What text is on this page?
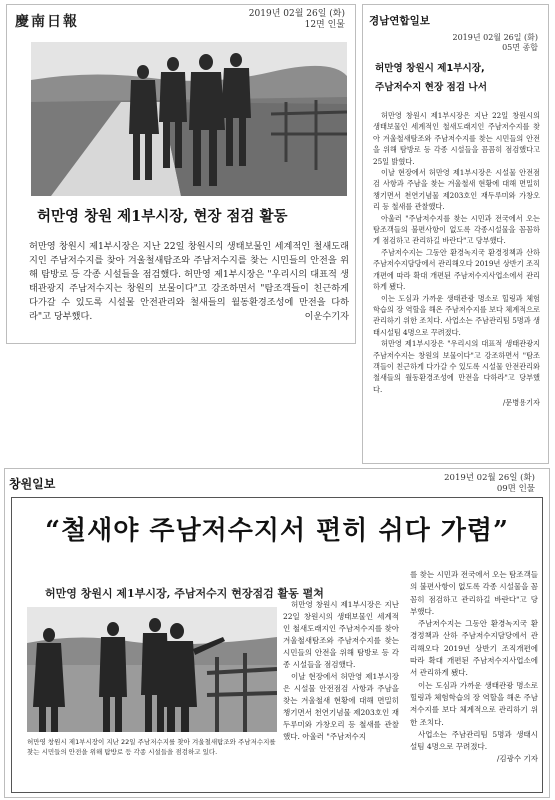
慶南日報	2019년 02월 26일 (화)
12면 인물
허만영 창원 제1부시장, 현장 점검 활동
허만영 창원시 제1부시장은 지난 22일 창원시의 생태보물인 세계적인 철새도래지인 주남저수지를 찾아 겨울철새탐조와 주남저수지를 찾는 시민들의 안전을 위해 탐방로 등 각종 시설들을 점검했다. 허만영 제1부시장은 "우리시의 대표적 생태관광지 주남저수지는 창원의 보물이다"고 강조하면서 "탐조객들이 친근하게 다가갈 수 있도록 시설물 안전관리와 철새들의 월동환경조성에 만전을 다하라"고 당부했다.	이운수기자
경남연합일보
2019년 02월 26일 (화)
05면 종합
허만영 창원시 제1부시장,
주남저수지 현장 점검 나서

허만영 창원시 제1부시장은 지난 22일 창원시의 생태보물인 세계적인 철새도래지인 주남저수지를 찾아 겨울철새탐조와 주남저수지를 찾는 시민들의 안전을 위해 탐방로 등 각종 시설들을 꼼꼼히 점검했다고 25일 밝혔다.

이날 현장에서 허만영 제1부시장은 시설물 안전점검 사항과 주남을 찾는 겨울철새 현황에 대해 면밀히 챙기면서 천연기념물 제203호인 재두루미와 가창오리 등 철새를 관찰했다.

아울러 "주남저수지를 찾는 시민과 전국에서 오는 탐조객들의 불편사항이 없도록 각종시설물을 꼼꼼하게 점검하고 관리하길 바란다"고 당부했다.

주남저수지는 그동안 환경녹지국 환경정책과 산하 주남저수지담당에서 관리해오다 2019년 상반기 조직개편에 따라 확대 개편된 주남저수지사업소에서 관리하게 됐다.

이는 도심과 가까운 생태관광 명소로 힐링과 체험학습의 장 역할을 해온 주남저수지를 보다 체계적으로 관리하기 위한 조치다. 사업소는 주남관리팀 5명과 생태시설팀 4명으로 꾸려졌다.

허만영 제1부시장은 "우리시의 대표적 생태관광지 주남저수지는 창원의 보물이다"고 강조하면서 "탐조객들이 친근하게 다가갈 수 있도록 시설물 안전관리와 철새들의 월동환경조성에 만전을 다하라"고 당부했다.

/문병용기자
창원일보	2019년 02월 26일 (화)
09면 인물
“철새야 주남저수지서 편히 쉬다 가렴”
허만영 창원시 제1부시장, 주남저수지 현장점검 활동 펼쳐
허만영 창원시 제1부시장이 지난 22일 주남저수지를 찾아 겨울철새탐조와 주남저수지를 찾는 시민들의 안전을 위해 탐방로 등 각종 시설들을 점검하고 있다.

허만영 창원시 제1부시장은 지난 22일 창원시의 생태보물인 세계적인 철새도래지인 주남저수지를 찾아 겨울철새탐조와 주남저수지를 찾는 시민들의 안전을 위해 탐방로 등 각종 시설들을 점검했다.

이날 현장에서 허만영 제1부시장은 시설물 안전점검 사항과 주남을 찾는 겨울철새 현황에 대해 면밀히 챙기면서 천연기념물 제203호인 재두루미와 가창오리 등 철새를 관찰했다. 아울러 "주남저수지

를 찾는 시민과 전국에서 오는 탐조객들의 불편사항이 없도록 각종 시설물을 꼼꼼히 점검하고 관리하길 바란다"고 당부했다.

주남저수지는 그동안 환경녹지국 환경정책과 산하 주남저수지담당에서 관리해오다 2019년 상반기 조직개편에 따라 확대 개편된 주남저수지사업소에서 관리하게 됐다.

이는 도심과 가까운 생태관광 명소로 힐링과 체험학습의 장 역할을 해온 주남저수지를 보다 체계적으로 관리하기 위한 조치다.

사업소는 주남관리팀 5명과 생태시설팀 4명으로 꾸려졌다.

/김광수 기자
